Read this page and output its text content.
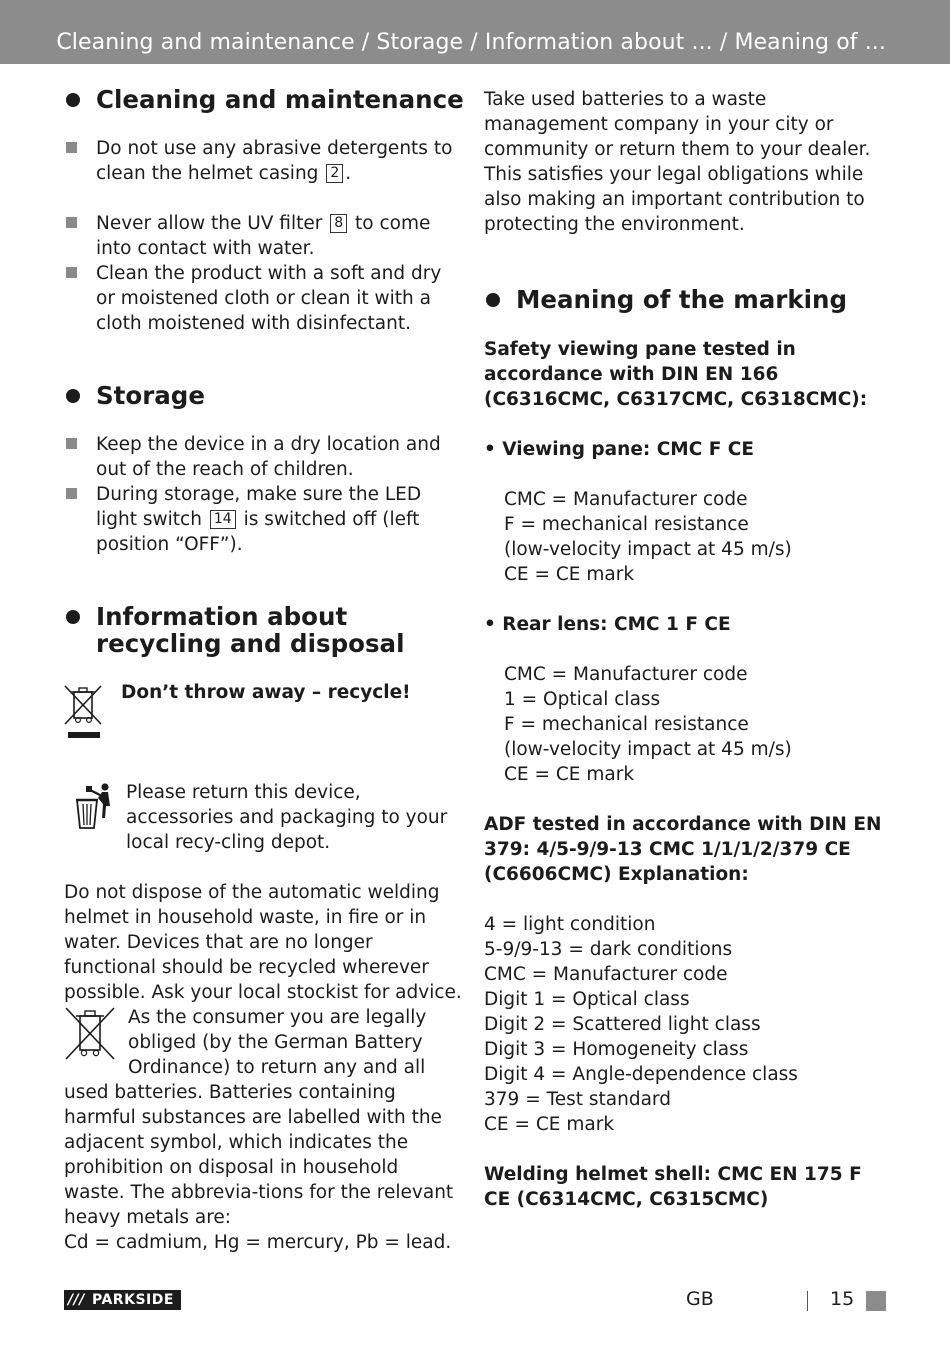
Cleaning and maintenance / Storage / Information about ... / Meaning of ...
Cleaning and maintenance
Do not use any abrasive detergents to clean the helmet casing 2 .
Never allow the UV filter 8 to come into contact with water.
Clean the product with a soft and dry or moistened cloth or clean it with a cloth moistened with disinfectant.
Storage
Keep the device in a dry location and out of the reach of children.
During storage, make sure the LED light switch 14 is switched off (left position “OFF”).
Information about recycling and disposal

Don’t throw away – recycle!

Please return this device, accessories and packaging to your local recy-cling depot.

Do not dispose of the automatic welding helmet in household waste, in fire or in water. Devices that are no longer functional should be recycled wherever possible. Ask your local stockist for advice.

As the consumer you are legally obliged (by the German Battery Ordinance) to return any and all

used batteries. Batteries containing harmful substances are labelled with the adjacent symbol, which indicates the prohibition on disposal in household waste. The abbrevia-tions for the relevant heavy metals are:

Cd = cadmium, Hg = mercury, Pb = lead.

Take used batteries to a waste management company in your city or community or return them to your dealer. This satisfies your legal obligations while also making an important contribution to protecting the environment.

Meaning of the marking

Safety viewing pane tested in accordance with DIN EN 166 (C6316CMC, C6317CMC, C6318CMC):

• Viewing pane: CMC F CE

CMC = Manufacturer code

F = mechanical resistance

(low-velocity impact at 45 m/s)

CE = CE mark

• Rear lens: CMC 1 F CE

CMC = Manufacturer code

1 = Optical class

F = mechanical resistance

(low-velocity impact at 45 m/s)

CE = CE mark

ADF tested in accordance with DIN EN 379: 4/5-9/9-13 CMC 1/1/1/2/379 CE (C6606CMC) Explanation:

4 = light condition

5-9/9-13 = dark conditions

CMC = Manufacturer code

Digit 1 = Optical class

Digit 2 = Scattered light class

Digit 3 = Homogeneity class

Digit 4 = Angle-dependence class

379 = Test standard

CE = CE mark

Welding helmet shell: CMC EN 175 F CE (C6314CMC, C6315CMC)

/// PARKSIDE	GB	15
